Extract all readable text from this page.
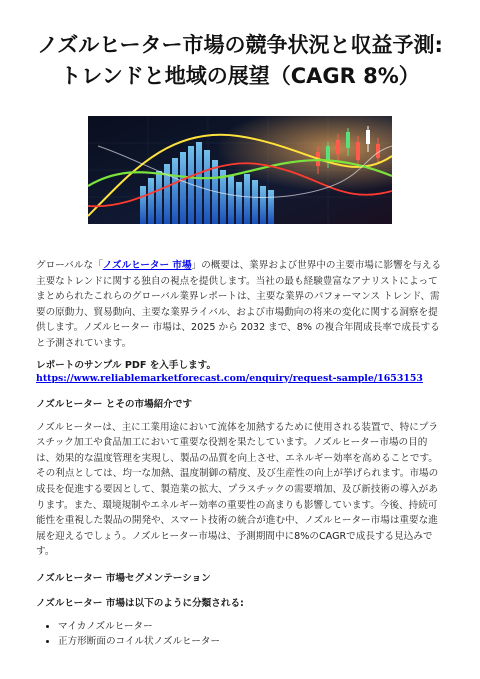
ノズルヒーター市場の競争状況と収益予測: トレンドと地域の展望（CAGR 8%）

グローバルな「ノズルヒーター 市場」の概要は、業界および世界中の主要市場に影響を与える主要なトレンドに関する独自の視点を提供します。当社の最も経験豊富なアナリストによってまとめられたこれらのグローバル業界レポートは、主要な業界のパフォーマンス トレンド、需要の原動力、貿易動向、主要な業界ライバル、および市場動向の将来の変化に関する洞察を提供します。ノズルヒーター 市場は、2025 から 2032 まで、8% の複合年間成長率で成長すると予測されています。

レポートのサンプル PDF を入手します。
https://www.reliablemarketforecast.com/enquiry/request-sample/1653153
ノズルヒーター とその市場紹介です

ノズルヒーターは、主に工業用途において流体を加熱するために使用される装置で、特にプラスチック加工や食品加工において重要な役割を果たしています。ノズルヒーター市場の目的は、効果的な温度管理を実現し、製品の品質を向上させ、エネルギー効率を高めることです。その利点としては、均一な加熱、温度制御の精度、及び生産性の向上が挙げられます。市場の成長を促進する要因として、製造業の拡大、プラスチックの需要増加、及び新技術の導入があります。また、環境規制やエネルギー効率の重要性の高まりも影響しています。今後、持続可能性を重視した製品の開発や、スマート技術の統合が進む中、ノズルヒーター市場は重要な進展を迎えるでしょう。ノズルヒーター市場は、予測期間中に8%のCAGRで成長する見込みです。

ノズルヒーター 市場セグメンテーション
ノズルヒーター 市場は以下のように分類される:
• マイカノズルヒーター
• 正方形断面のコイル状ノズルヒーター
